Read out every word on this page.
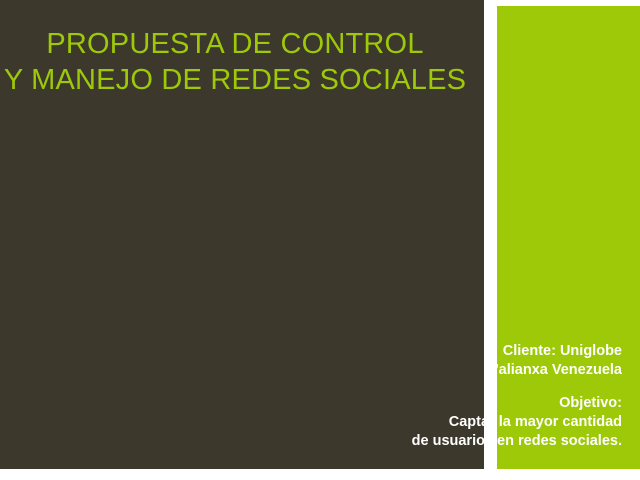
PROPUESTA DE CONTROL
Y MANEJO DE REDES SOCIALES
Cliente: Uniglobe
L'alianxa Venezuela
Objetivo:
Captar la mayor cantidad
de usuarios en redes sociales.
